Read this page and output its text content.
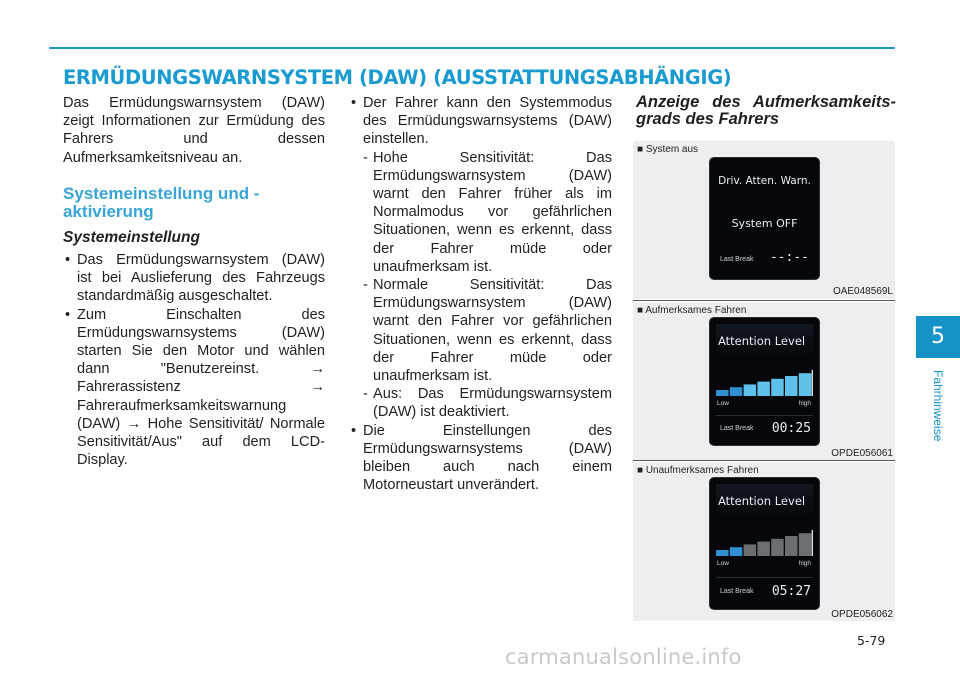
ERMÜDUNGSWARNSYSTEM (DAW) (AUSSTATTUNGSABHÄNGIG)

Das Ermüdungswarnsystem (DAW) zeigt Informationen zur Ermüdung des Fahrers und dessen Aufmerksamkeitsniveau an.

Systemeinstellung und - aktivierung
Systemeinstellung

• Das Ermüdungswarnsystem (DAW) ist bei Auslieferung des Fahrzeugs standardmäßig ausgeschaltet.

• Zum Einschalten des Ermüdungswarnsystems (DAW) starten Sie den Motor und wählen dann "Benutzereinst. → Fahrerassistenz → Fahreraufmerksamkeitswarnung (DAW) → Hohe Sensitivität/ Normale Sensitivität/Aus" auf dem LCD-Display.

• Der Fahrer kann den Systemmodus des Ermüdungswarnsystems (DAW) einstellen.

- Hohe Sensitivität: Das Ermüdungswarnsystem (DAW) warnt den Fahrer früher als im Normalmodus vor gefährlichen Situationen, wenn es erkennt, dass der Fahrer müde oder unaufmerksam ist.

- Normale Sensitivität: Das Ermüdungswarnsystem (DAW) warnt den Fahrer vor gefährlichen Situationen, wenn es erkennt, dass der Fahrer müde oder unaufmerksam ist.

- Aus: Das Ermüdungswarnsystem (DAW) ist deaktiviert.

• Die Einstellungen des Ermüdungswarnsystems (DAW) bleiben auch nach einem Motorneustart unverändert.

Anzeige des Aufmerksamkeits-grads des Fahrers

■ System aus
Driv. Atten. Warn.
System OFF
Last Break --:--
OAE048569L
■ Aufmerksames Fahren
Attention Level
Low	high
Last Break 00:25
OPDE056061
■ Unaufmerksames Fahren
Attention Level
Low	high
Last Break 05:27
OPDE056062
5
Fahrhinweise
5-79
carmanualsonline.info
